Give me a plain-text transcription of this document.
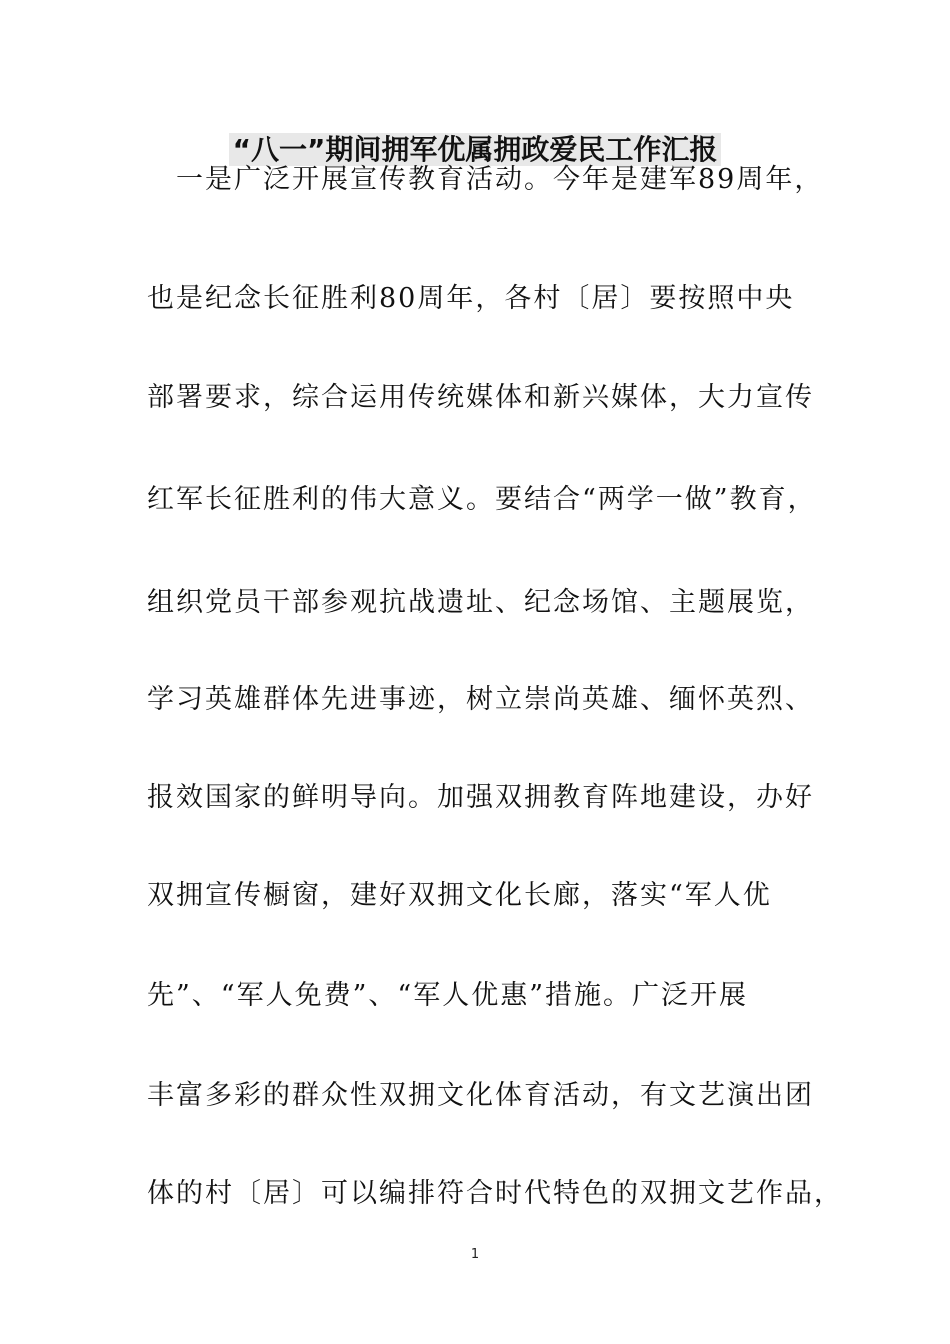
“八一”期间拥军优属拥政爱民工作汇报
　一是广泛开展宣传教育活动。今年是建军89周年，
也是纪念长征胜利80周年，各村〔居〕要按照中央
部署要求，综合运用传统媒体和新兴媒体，大力宣传
红军长征胜利的伟大意义。要结合“两学一做”教育，
组织党员干部参观抗战遗址、纪念场馆、主题展览，
学习英雄群体先进事迹，树立崇尚英雄、缅怀英烈、
报效国家的鲜明导向。加强双拥教育阵地建设，办好
双拥宣传橱窗，建好双拥文化长廊，落实“军人优
先”、“军人免费”、“军人优惠”措施。广泛开展
丰富多彩的群众性双拥文化体育活动，有文艺演出团
体的村〔居〕可以编排符合时代特色的双拥文艺作品，
1
